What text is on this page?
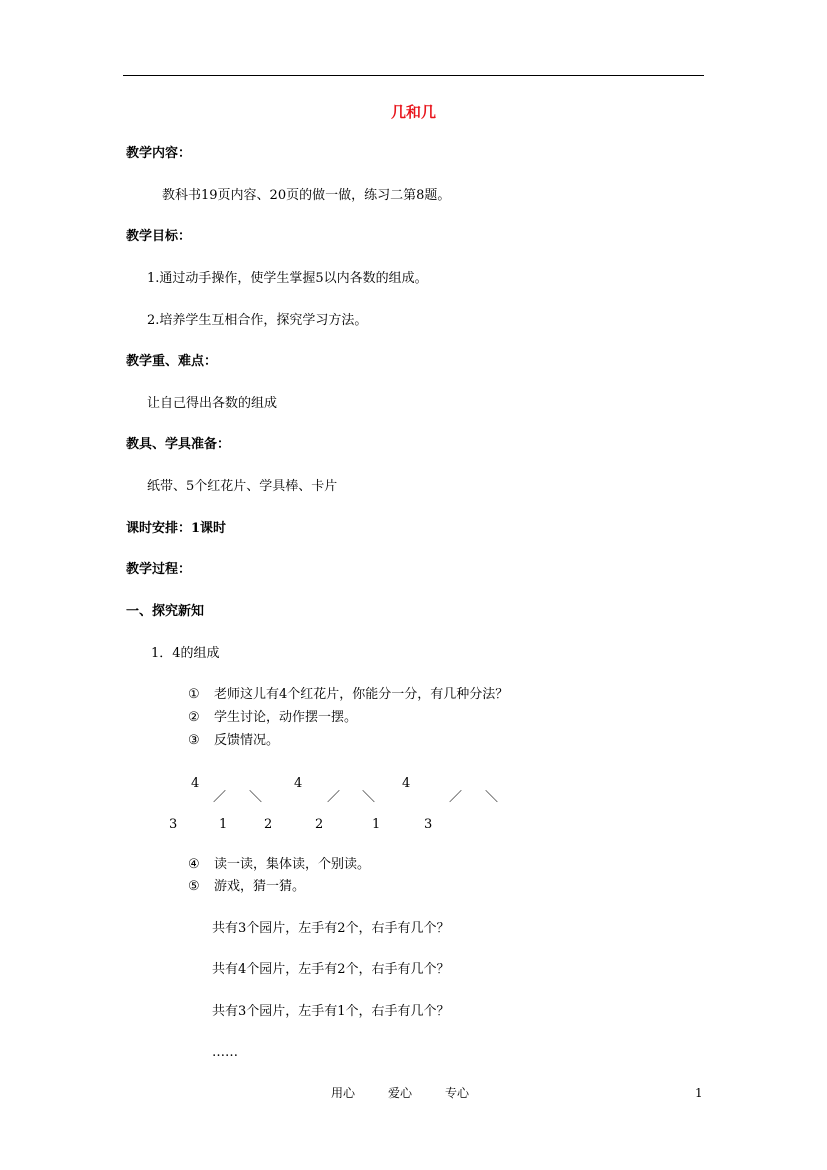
几和几
教学内容：
教科书19页内容、20页的做一做，练习二第8题。
教学目标：
1.通过动手操作，使学生掌握5以内各数的组成。
2.培养学生互相合作，探究学习方法。
教学重、难点：
让自己得出各数的组成
教具、学具准备：
纸带、5个红花片、学具棒、卡片
课时安排：1课时
教学过程：
一、探究新知
1．4的组成
① 老师这儿有4个红花片，你能分一分，有几种分法？
② 学生讨论，动作摆一摆。
③ 反馈情况。
4
／ ＼
3	1
4
／ ＼
2	2
4
／ ＼
1	3
④ 读一读，集体读，个别读。
⑤ 游戏，猜一猜。
共有3个园片，左手有2个，右手有几个？
共有4个园片，左手有2个，右手有几个？
共有3个园片，左手有1个，右手有几个？
……
用心	爱心	专心	1
